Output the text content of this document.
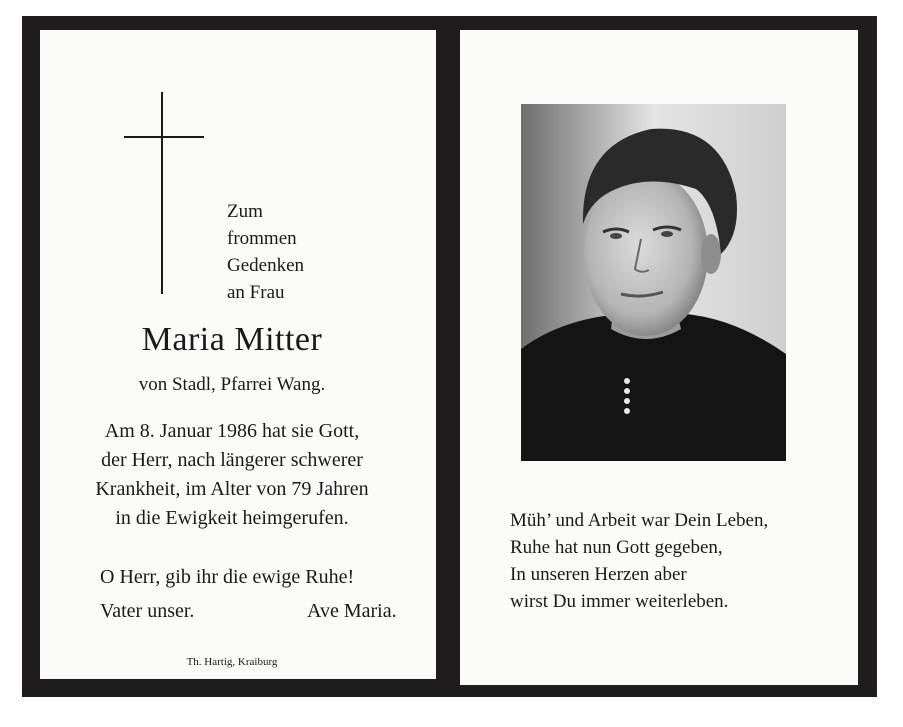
Zum
frommen
Gedenken
an Frau
Maria Mitter
von Stadl, Pfarrei Wang.
Am 8. Januar 1986 hat sie Gott,
der Herr, nach längerer schwerer
Krankheit, im Alter von 79 Jahren
in die Ewigkeit heimgerufen.
O Herr, gib ihr die ewige Ruhe!
Vater unser.	Ave Maria.
Th. Hartig, Kraiburg
Müh’ und Arbeit war Dein Leben,
Ruhe hat nun Gott gegeben,
In unseren Herzen aber
wirst Du immer weiterleben.
